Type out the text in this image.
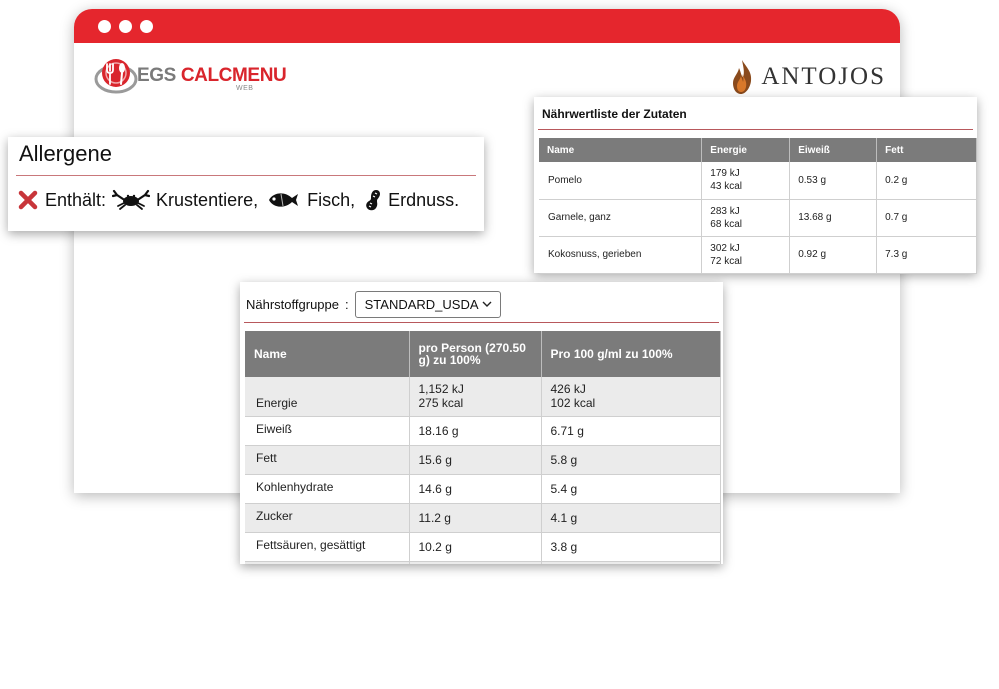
EGS CALCMENU
WEB	ANTOJOS
Allergene
Enthält:	Krustentiere,	Fisch, Erdnuss.
Nährwertliste der Zutaten
Name	Energie	Eiweiß	Fett
Pomelo	179 kJ
43 kcal	0.53 g	0.2 g
Garnele, ganz	283 kJ
68 kcal	13.68 g	0.7 g
Kokosnuss, gerieben	302 kJ
72 kcal	0.92 g	7.3 g
Nährstoffgruppe : STANDARD_USDA
Name	pro Person (270.50 g) zu 100%	Pro 100 g/ml zu 100%
Energie	1,152 kJ
275 kcal	426 kJ
102 kcal
Eiweiß	18.16 g	6.71 g
Fett	15.6 g	5.8 g
Kohlenhydrate	14.6 g	5.4 g
Zucker	11.2 g	4.1 g
Fettsäuren, gesättigt	10.2 g	3.8 g
